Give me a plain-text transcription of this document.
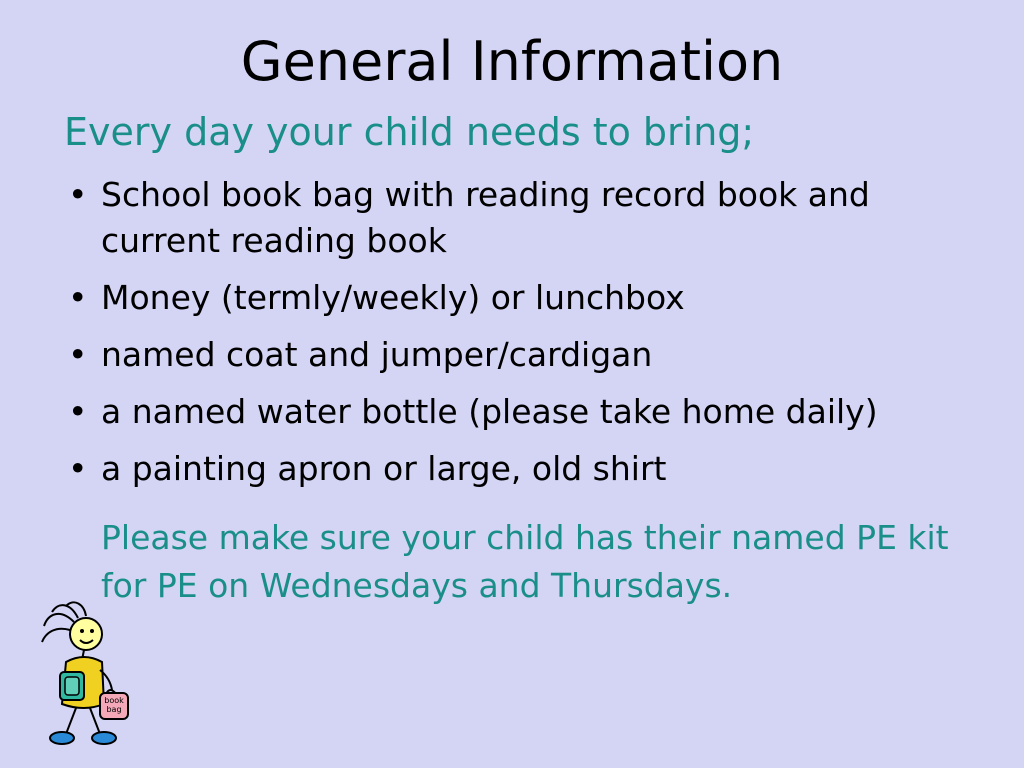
General Information
Every day your child needs to bring;
• School book bag with reading record book and current reading book
• Money (termly/weekly) or lunchbox
• named coat and jumper/cardigan
• a named water bottle (please take home daily)
• a painting apron or large, old shirt
Please make sure your child has their named PE kit for PE on Wednesdays and Thursdays.
book
bag
